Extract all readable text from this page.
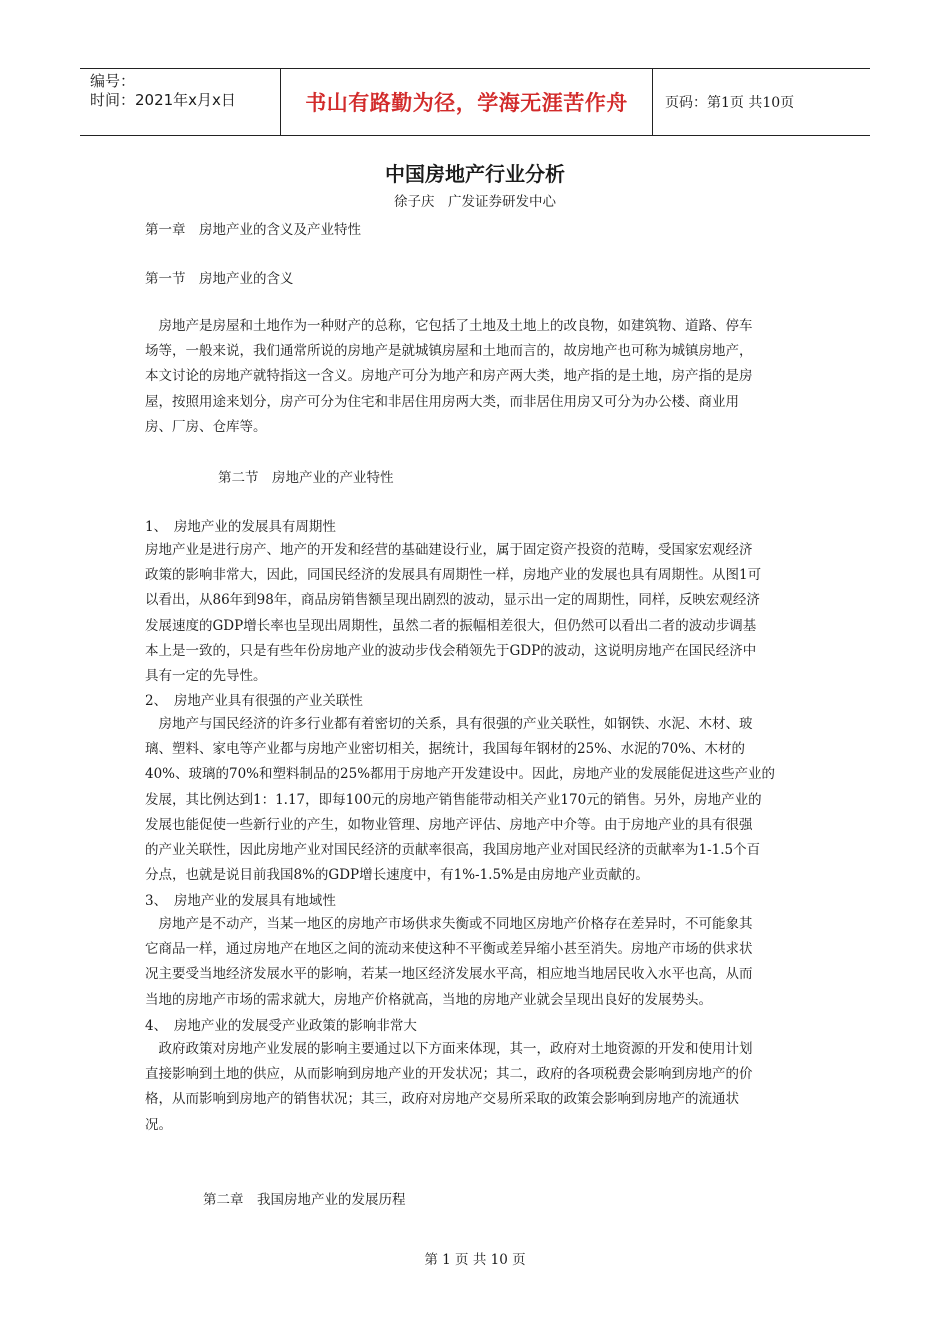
编号：
时间：2021年x月x日	书山有路勤为径，学海无涯苦作舟	页码：第1页 共10页
中国房地产行业分析
徐子庆　广发证券研发中心
第一章　房地产业的含义及产业特性
第一节　房地产业的含义
　房地产是房屋和土地作为一种财产的总称，它包括了土地及土地上的改良物，如建筑物、道路、停车
场等，一般来说，我们通常所说的房地产是就城镇房屋和土地而言的，故房地产也可称为城镇房地产，
本文讨论的房地产就特指这一含义。房地产可分为地产和房产两大类，地产指的是土地，房产指的是房
屋，按照用途来划分，房产可分为住宅和非居住用房两大类，而非居住用房又可分为办公楼、商业用
房、厂房、仓库等。
第二节　房地产业的产业特性
1、　房地产业的发展具有周期性
房地产业是进行房产、地产的开发和经营的基础建设行业，属于固定资产投资的范畴，受国家宏观经济
政策的影响非常大，因此，同国民经济的发展具有周期性一样，房地产业的发展也具有周期性。从图1可
以看出，从86年到98年，商品房销售额呈现出剧烈的波动，显示出一定的周期性，同样，反映宏观经济
发展速度的GDP增长率也呈现出周期性，虽然二者的振幅相差很大，但仍然可以看出二者的波动步调基
本上是一致的，只是有些年份房地产业的波动步伐会稍领先于GDP的波动，这说明房地产在国民经济中
具有一定的先导性。
2、　房地产业具有很强的产业关联性
　房地产与国民经济的许多行业都有着密切的关系，具有很强的产业关联性，如钢铁、水泥、木材、玻
璃、塑料、家电等产业都与房地产业密切相关，据统计，我国每年钢材的25%、水泥的70%、木材的
40%、玻璃的70%和塑料制品的25%都用于房地产开发建设中。因此，房地产业的发展能促进这些产业的
发展，其比例达到1：1.17，即每100元的房地产销售能带动相关产业170元的销售。另外，房地产业的
发展也能促使一些新行业的产生，如物业管理、房地产评估、房地产中介等。由于房地产业的具有很强
的产业关联性，因此房地产业对国民经济的贡献率很高，我国房地产业对国民经济的贡献率为1-1.5个百
分点，也就是说目前我国8%的GDP增长速度中，有1%-1.5%是由房地产业贡献的。
3、　房地产业的发展具有地域性
　房地产是不动产，当某一地区的房地产市场供求失衡或不同地区房地产价格存在差异时，不可能象其
它商品一样，通过房地产在地区之间的流动来使这种不平衡或差异缩小甚至消失。房地产市场的供求状
况主要受当地经济发展水平的影响，若某一地区经济发展水平高，相应地当地居民收入水平也高，从而
当地的房地产市场的需求就大，房地产价格就高，当地的房地产业就会呈现出良好的发展势头。
4、　房地产业的发展受产业政策的影响非常大
　政府政策对房地产业发展的影响主要通过以下方面来体现，其一，政府对土地资源的开发和使用计划
直接影响到土地的供应，从而影响到房地产业的开发状况；其二，政府的各项税费会影响到房地产的价
格，从而影响到房地产的销售状况；其三，政府对房地产交易所采取的政策会影响到房地产的流通状
况。
第二章　我国房地产业的发展历程
第 1 页 共 10 页
